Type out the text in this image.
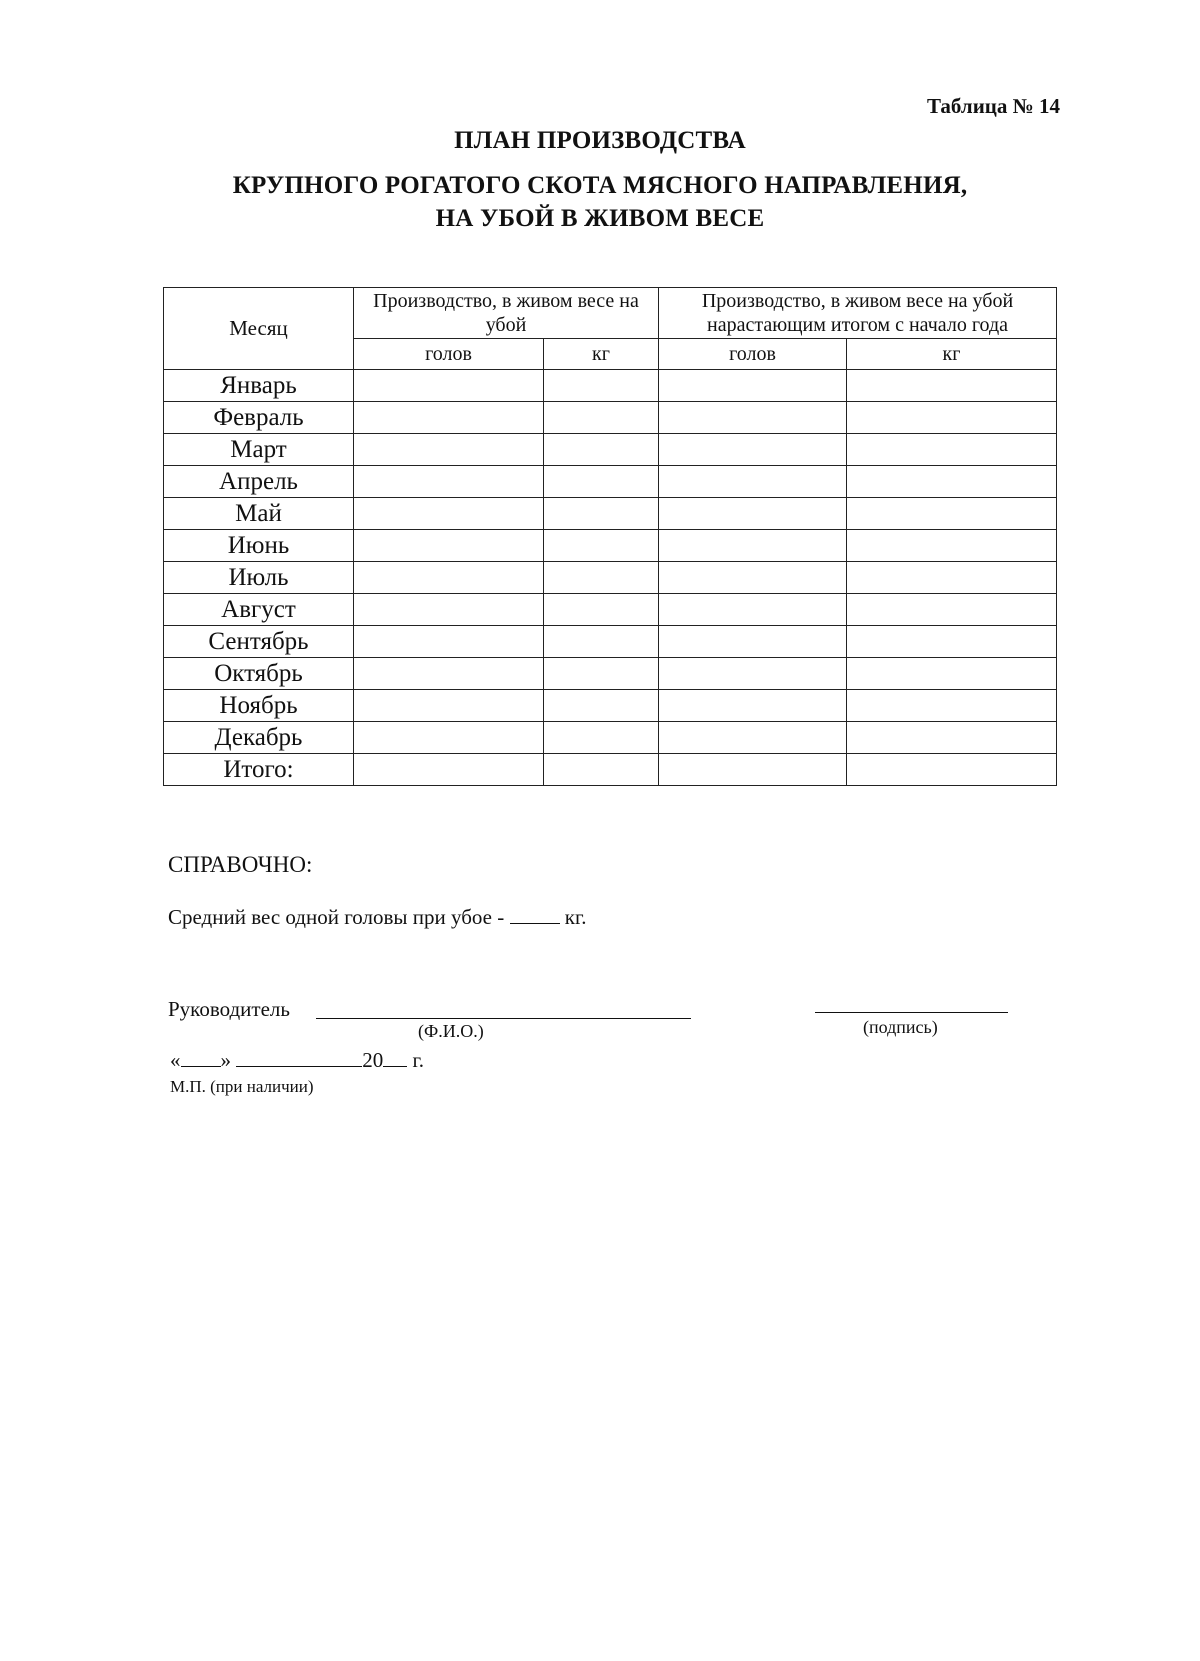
Таблица № 14
ПЛАН ПРОИЗВОДСТВА
КРУПНОГО РОГАТОГО СКОТА МЯСНОГО НАПРАВЛЕНИЯ,
НА УБОЙ В ЖИВОМ ВЕСЕ
Месяц	Производство, в живом весе на убой		Производство, в живом весе на убой нарастающим итогом с начало года	
	голов	кг	голов	кг
Январь				
Февраль				
Март				
Апрель				
Май				
Июнь				
Июль				
Август				
Сентябрь				
Октябрь				
Ноябрь				
Декабрь				
Итого:				
СПРАВОЧНО:
Средний вес одной головы при убое -	кг.
Руководитель
(Ф.И.О.)	(подпись)
« »	20 г.
М.П. (при наличии)
